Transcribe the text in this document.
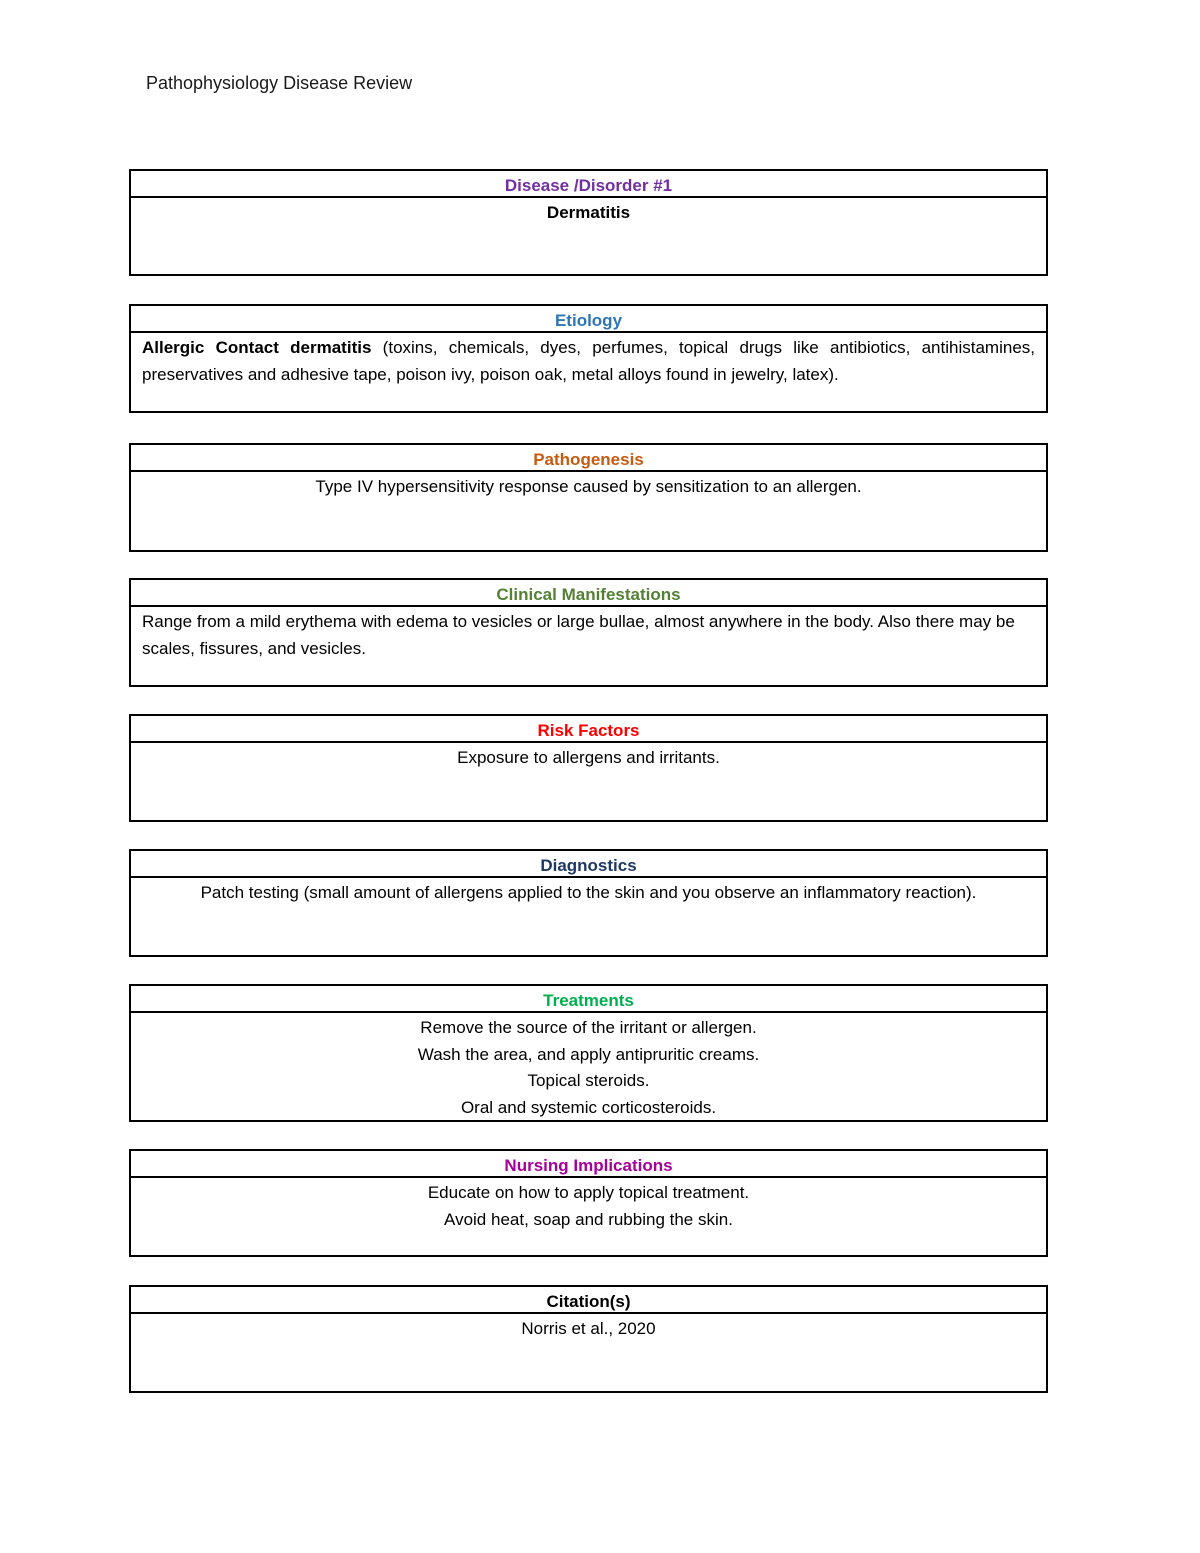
Pathophysiology Disease Review
Disease /Disorder #1
Dermatitis
Etiology
Allergic Contact dermatitis (toxins, chemicals, dyes, perfumes, topical drugs like antibiotics, antihistamines, preservatives and adhesive tape, poison ivy, poison oak, metal alloys found in jewelry, latex).
Pathogenesis
Type IV hypersensitivity response caused by sensitization to an allergen.
Clinical Manifestations
Range from a mild erythema with edema to vesicles or large bullae, almost anywhere in the body. Also there may be scales, fissures, and vesicles.
Risk Factors
Exposure to allergens and irritants.
Diagnostics
Patch testing (small amount of allergens applied to the skin and you observe an inflammatory reaction).
Treatments
Remove the source of the irritant or allergen.
Wash the area, and apply antipruritic creams.
Topical steroids.
Oral and systemic corticosteroids.
Nursing Implications
Educate on how to apply topical treatment.
Avoid heat, soap and rubbing the skin.
Citation(s)
Norris et al., 2020
